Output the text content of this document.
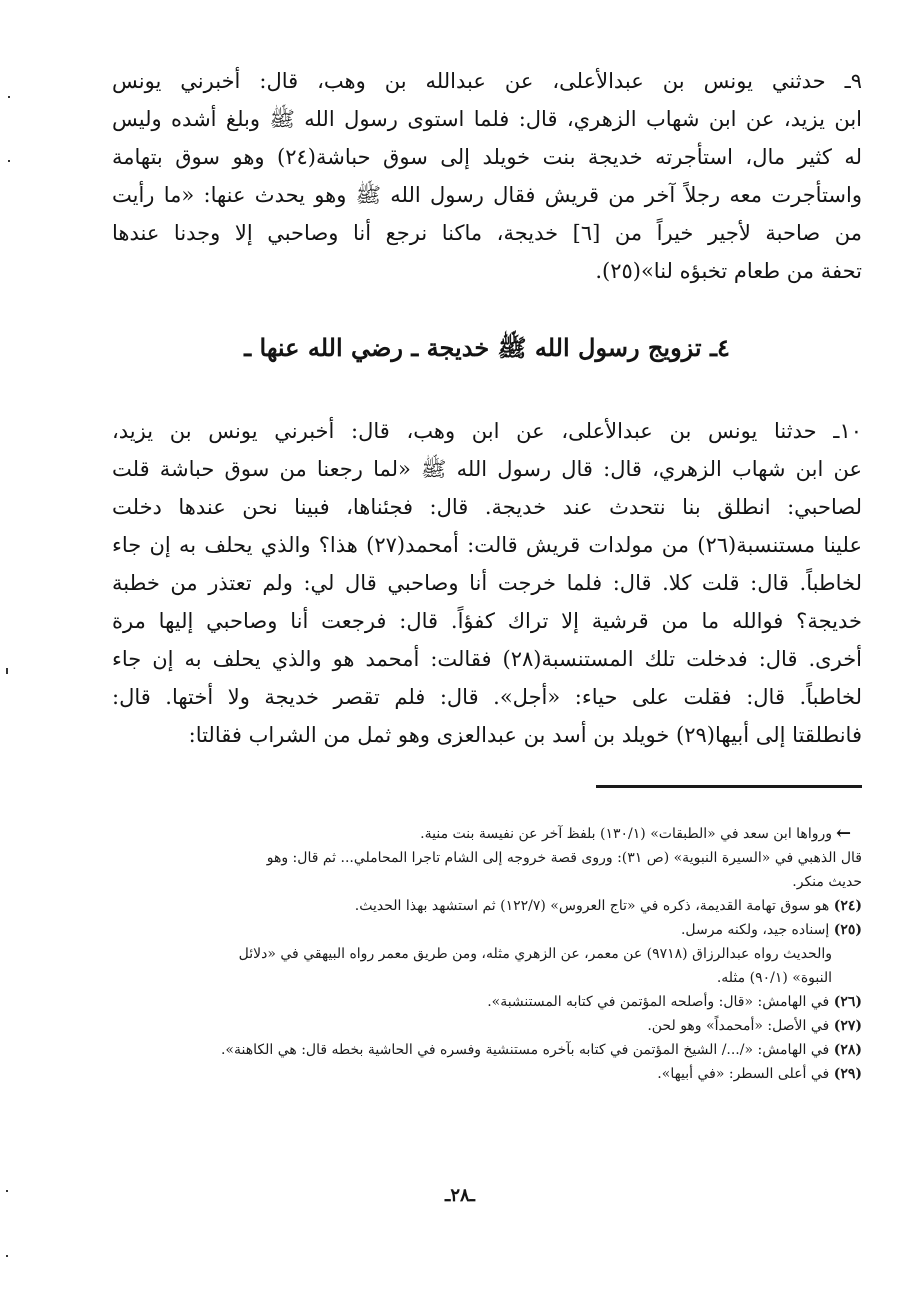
٩ـ حدثني يونس بن عبدالأعلى، عن عبدالله بن وهب، قال: أخبرني يونس
ابن يزيد، عن ابن شهاب الزهري، قال: فلما استوى رسول الله ﷺ وبلغ أشده وليس
له كثير مال، استأجرته خديجة بنت خويلد إلى سوق حباشة(٢٤) وهو سوق بتهامة
واستأجرت معه رجلاً آخر من قريش فقال رسول الله ﷺ وهو يحدث عنها: «ما رأيت
من صاحبة لأجير خيراً من [٦] خديجة، ماكنا نرجع أنا وصاحبي إلا وجدنا عندها
تحفة من طعام تخبؤه لنا»(٢٥).
٤ـ تزويج رسول الله ﷺ خديجة ـ رضي الله عنها ـ
١٠ـ حدثنا يونس بن عبدالأعلى، عن ابن وهب، قال: أخبرني يونس بن يزيد،
عن ابن شهاب الزهري، قال: قال رسول الله ﷺ «لما رجعنا من سوق حباشة قلت
لصاحبي: انطلق بنا نتحدث عند خديجة. قال: فجئناها، فبينا نحن عندها دخلت
علينا مستنسبة(٢٦) من مولدات قريش قالت: أمحمد(٢٧) هذا؟ والذي يحلف به إن جاء
لخاطباً. قال: قلت كلا. قال: فلما خرجت أنا وصاحبي قال لي: ولم تعتذر من خطبة
خديجة؟ فوالله ما من قرشية إلا تراك كفؤاً. قال: فرجعت أنا وصاحبي إليها مرة
أخرى. قال: فدخلت تلك المستنسبة(٢٨) فقالت: أمحمد هو والذي يحلف به إن جاء
لخاطباً. قال: فقلت على حياء: «أجل». قال: فلم تقصر خديجة ولا أختها. قال:
فانطلقتا إلى أبيها(٢٩) خويلد بن أسد بن عبدالعزى وهو ثمل من الشراب فقالتا:
←
ورواها ابن سعد في «الطبقات» (١٣٠/١) بلفظ آخر عن نفيسة بنت منية.
قال الذهبي في «السيرة النبوية» (ص ٣١): وروى قصة خروجه إلى الشام تاجرا المحاملي... ثم قال: وهو
حديث منكر.
(٢٤) هو سوق تهامة القديمة، ذكره في «تاج العروس» (١٢٢/٧) ثم استشهد بهذا الحديث.
(٢٥) إسناده جيد، ولكنه مرسل.
والحديث رواه عبدالرزاق (٩٧١٨) عن معمر، عن الزهري مثله، ومن طريق معمر رواه البيهقي في «دلائل
النبوة» (٩٠/١) مثله.
(٢٦) في الهامش: «قال: وأصلحه المؤتمن في كتابه المستنشبة».
(٢٧) في الأصل: «أمحمداً» وهو لحن.
(٢٨) في الهامش: «/.../ الشيخ المؤتمن في كتابه بآخره مستنشية وفسره في الحاشية بخطه قال: هي الكاهنة».
(٢٩) في أعلى السطر: «في أبيها».
ـ٢٨ـ
